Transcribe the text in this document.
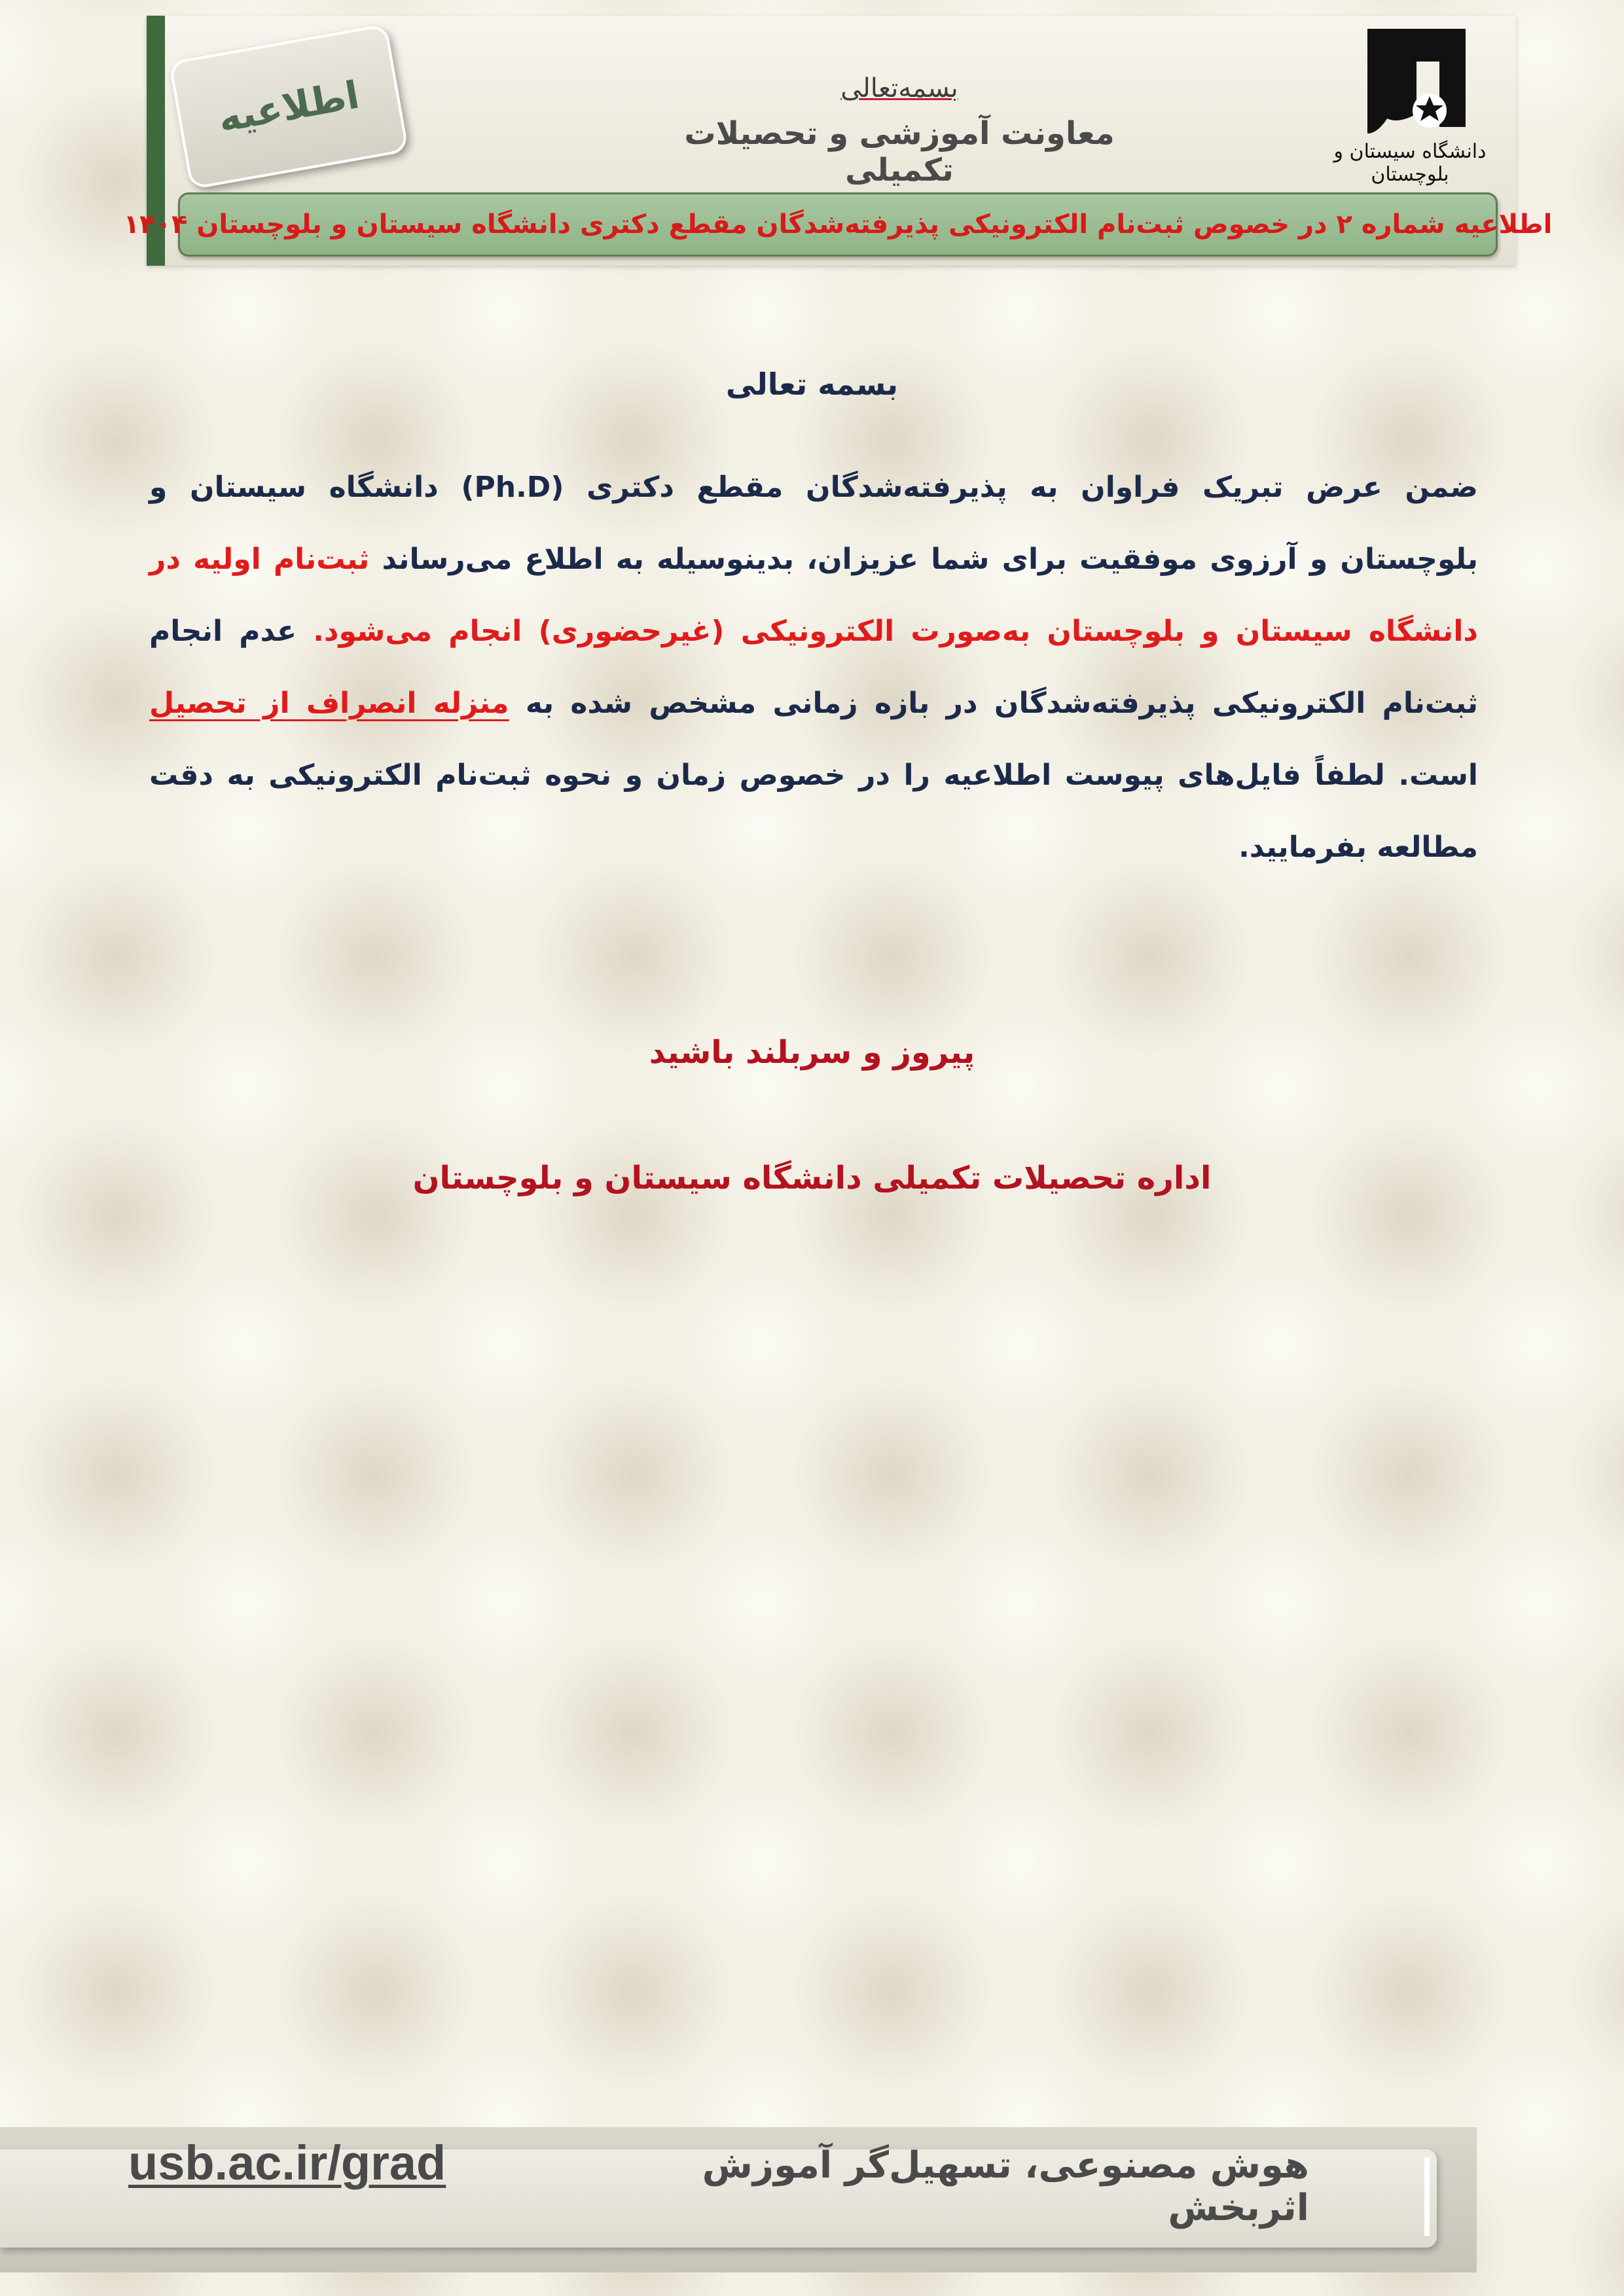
اطلاعیه	بسمه‌تعالی
معاونت آموزشی و تحصیلات تکمیلی
دانشگاه سیستان و بلوچستان
اطلاعیه شماره ۲ در خصوص ثبت‌نام الکترونیکی پذیرفته‌شدگان مقطع دکتری دانشگاه سیستان و بلوچستان ۱۴۰۴
بسمه تعالی
ضمن عرض تبریک فراوان به پذیرفته‌شدگان مقطع دکتری (Ph.D) دانشگاه سیستان و بلوچستان و آرزوی موفقیت برای شما عزیزان، بدینوسیله به اطلاع می‌رساند ثبت‌نام اولیه در دانشگاه سیستان و بلوچستان به‌صورت الکترونیکی (غیرحضوری) انجام می‌شود. عدم انجام ثبت‌نام الکترونیکی پذیرفته‌شدگان در بازه زمانی مشخص شده به منزله انصراف از تحصیل است. لطفاً فایل‌های پیوست اطلاعیه را در خصوص زمان و نحوه ثبت‌نام الکترونیکی به دقت مطالعه بفرمایید.
پیروز و سربلند باشید
اداره تحصیلات تکمیلی دانشگاه سیستان و بلوچستان
هوش مصنوعی، تسهیل‌گر آموزش اثربخش
usb.ac.ir/grad
